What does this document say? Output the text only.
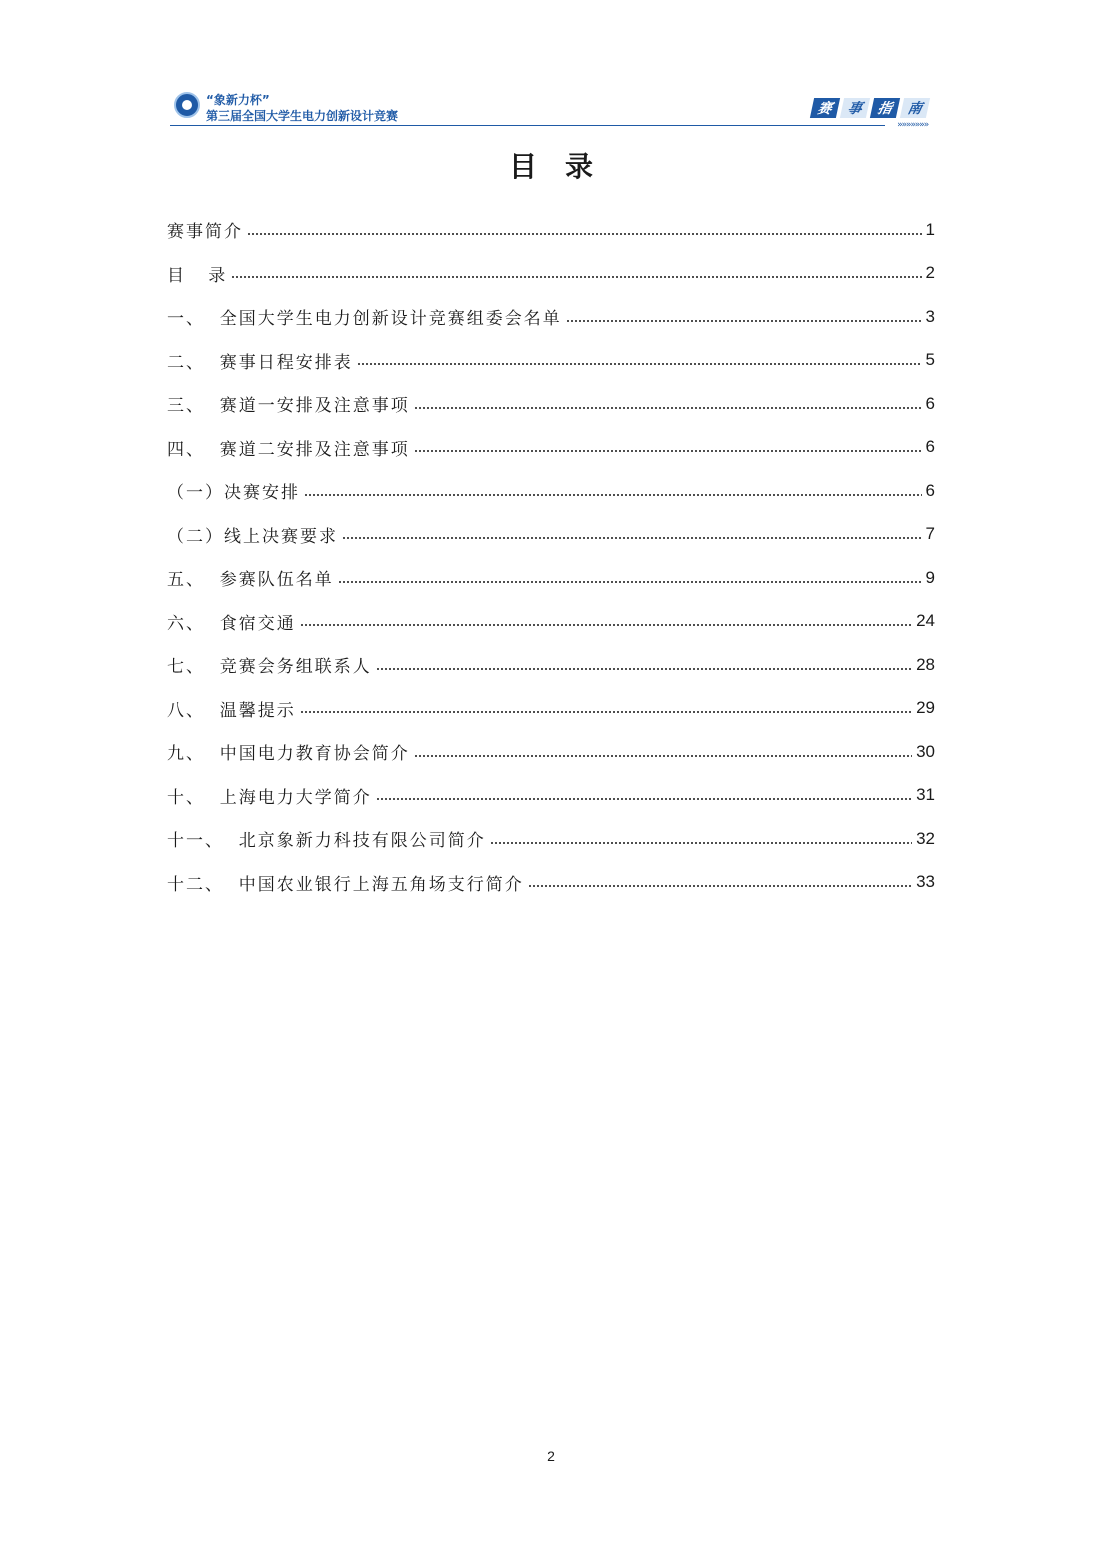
“象新力杯”
第三届全国大学生电力创新设计竞赛	赛 事 指 南
»»»»»»»
目录
赛事简介	1
目   录	2
一、  全国大学生电力创新设计竞赛组委会名单	3
二、  赛事日程安排表	5
三、  赛道一安排及注意事项	6
四、  赛道二安排及注意事项	6
（一）决赛安排	6
（二）线上决赛要求	7
五、  参赛队伍名单	9
六、  食宿交通	24
七、  竞赛会务组联系人	28
八、  温馨提示	29
九、  中国电力教育协会简介	30
十、  上海电力大学简介	31
十一、  北京象新力科技有限公司简介	32
十二、  中国农业银行上海五角场支行简介	33
2
